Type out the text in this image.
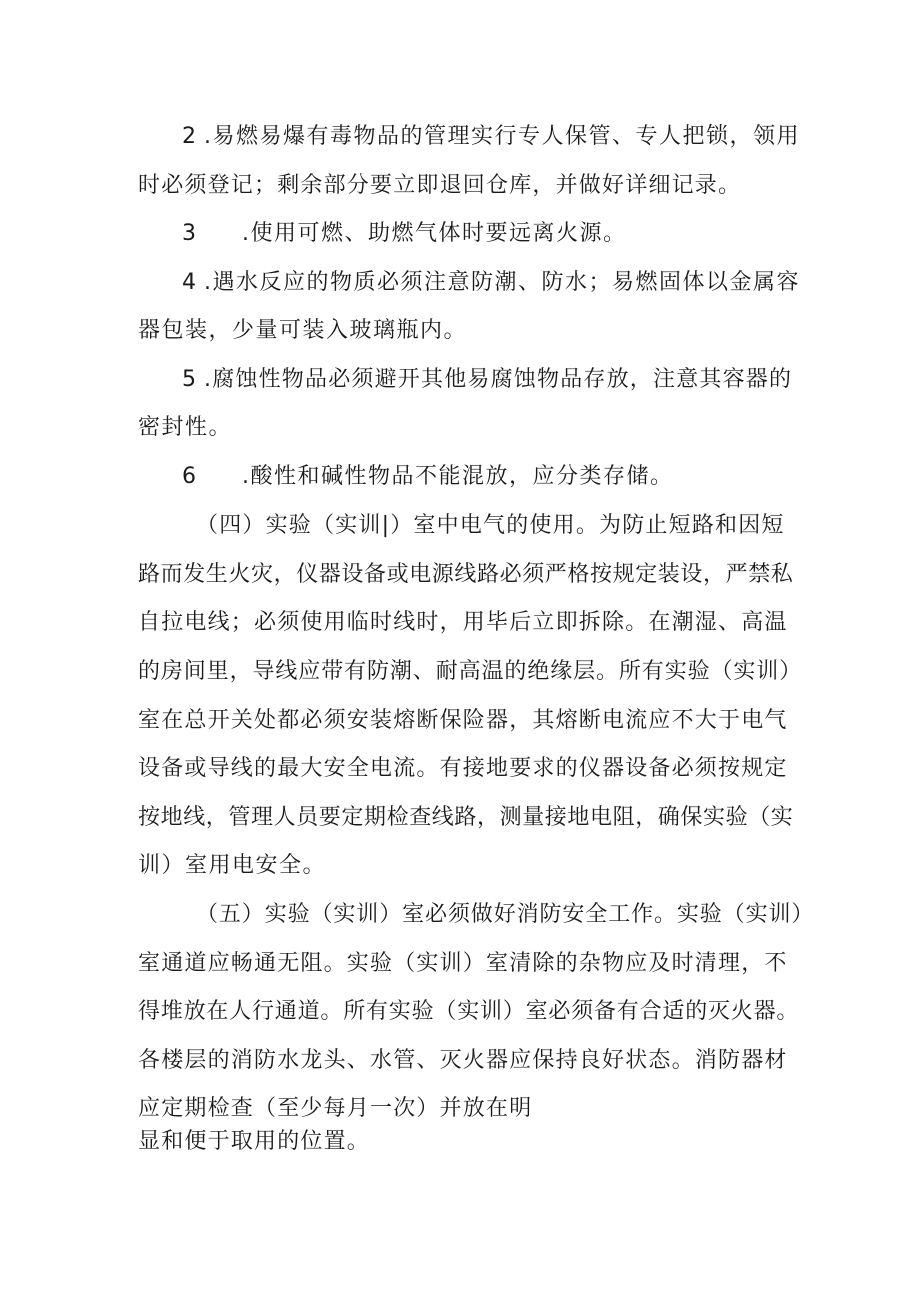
2 .易燃易爆有毒物品的管理实行专人保管、专人把锁，领用
时必须登记；剩余部分要立即退回仓库，并做好详细记录。
3 .使用可燃、助燃气体时要远离火源。
4 .遇水反应的物质必须注意防潮、防水；易燃固体以金属容
器包装，少量可装入玻璃瓶内。
5 .腐蚀性物品必须避开其他易腐蚀物品存放，注意其容器的
密封性。
6 .酸性和碱性物品不能混放，应分类存储。
（四）实验（实训|）室中电气的使用。为防止短路和因短
路而发生火灾，仪器设备或电源线路必须严格按规定装设，严禁私
自拉电线；必须使用临时线时，用毕后立即拆除。在潮湿、高温
的房间里，导线应带有防潮、耐高温的绝缘层。所有实验（实训）
室在总开关处都必须安装熔断保险器，其熔断电流应不大于电气
设备或导线的最大安全电流。有接地要求的仪器设备必须按规定
按地线，管理人员要定期检查线路，测量接地电阻，确保实验（实
训）室用电安全。
（五）实验（实训）室必须做好消防安全工作。实验（实训）
室通道应畅通无阻。实验（实训）室清除的杂物应及时清理，不
得堆放在人行通道。所有实验（实训）室必须备有合适的灭火器。
各楼层的消防水龙头、水管、灭火器应保持良好状态。消防器材
应定期检查（至少每月一次）并放在明
显和便于取用的位置。
